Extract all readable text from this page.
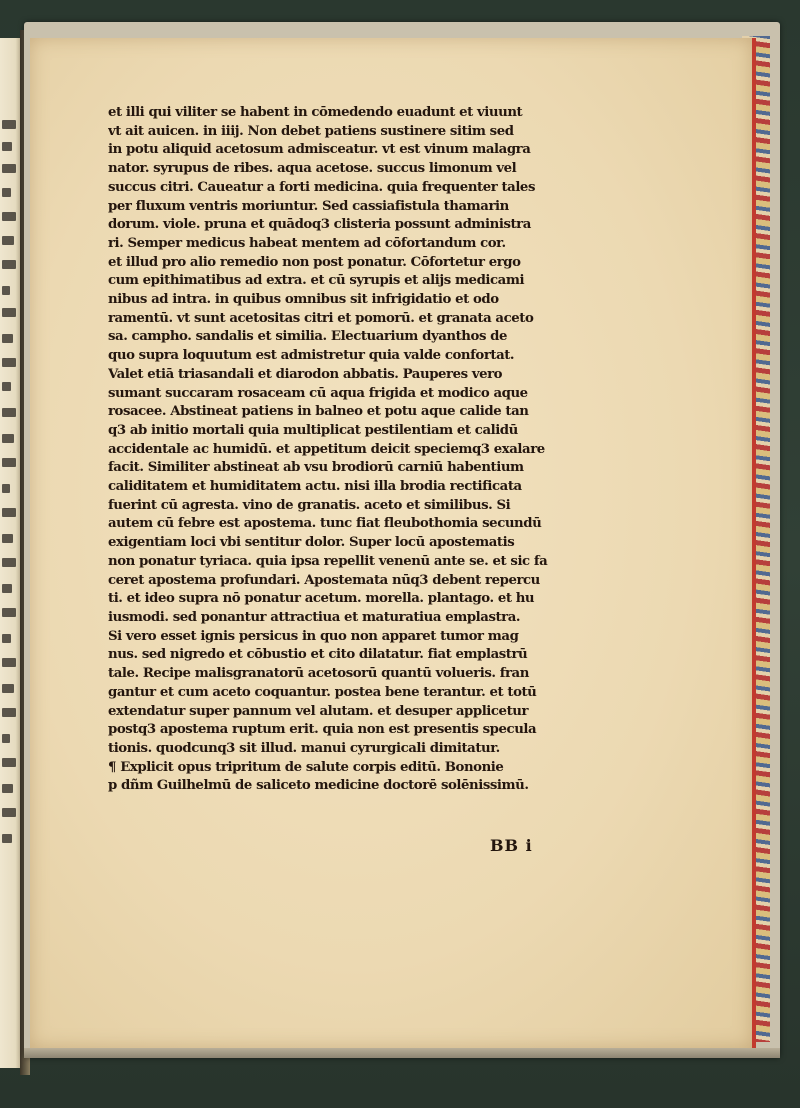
et illi qui viliter se habent in cōmedendo euadunt et viuunt
vt ait auicen. in iiij. Non debet patiens sustinere sitim sed
in potu aliquid acetosum admisceatur. vt est vinum malagra
nator. syrupus de ribes. aqua acetose. succus limonum vel
succus citri. Caueatur a forti medicina. quia frequenter tales
per fluxum ventris moriuntur. Sed cassiafistula thamarin
dorum. viole. pruna et quādoq3 clisteria possunt administra
ri. Semper medicus habeat mentem ad cōfortandum cor.
et illud pro alio remedio non post ponatur. Cōfortetur ergo
cum epithimatibus ad extra. et cū syrupis et alijs medicami
nibus ad intra. in quibus omnibus sit infrigidatio et odo
ramentū. vt sunt acetositas citri et pomorū. et granata aceto
sa. campho. sandalis et similia. Electuarium dyanthos de
quo supra loquutum est admistretur quia valde confortat.
Valet etiā triasandali et diarodon abbatis. Pauperes vero
sumant succaram rosaceam cū aqua frigida et modico aque
rosacee. Abstineat patiens in balneo et potu aque calide tan
q3 ab initio mortali quia multiplicat pestilentiam et calidū
accidentale ac humidū. et appetitum deicit speciemq3 exalare
facit. Similiter abstineat ab vsu brodiorū carniū habentium
caliditatem et humiditatem actu. nisi illa brodia rectificata
fuerint cū agresta. vino de granatis. aceto et similibus. Si
autem cū febre est apostema. tunc fiat fleubothomia secundū
exigentiam loci vbi sentitur dolor. Super locū apostematis
non ponatur tyriaca. quia ipsa repellit venenū ante se. et sic fa
ceret apostema profundari. Apostemata nūq3 debent repercu
ti. et ideo supra nō ponatur acetum. morella. plantago. et hu
iusmodi. sed ponantur attractiua et maturatiua emplastra.
Si vero esset ignis persicus in quo non apparet tumor mag
nus. sed nigredo et cōbustio et cito dilatatur. fiat emplastrū
tale. Recipe malisgranatorū acetosorū quantū volueris. fran
gantur et cum aceto coquantur. postea bene terantur. et totū
extendatur super pannum vel alutam. et desuper applicetur
postq3 apostema ruptum erit. quia non est presentis specula
tionis. quodcunq3 sit illud. manui cyrurgicali dimitatur.
¶ Explicit opus tripritum de salute corpis editū. Bononie
p dñm Guilhelmū de saliceto medicine doctorē solēnissimū.
BB i
